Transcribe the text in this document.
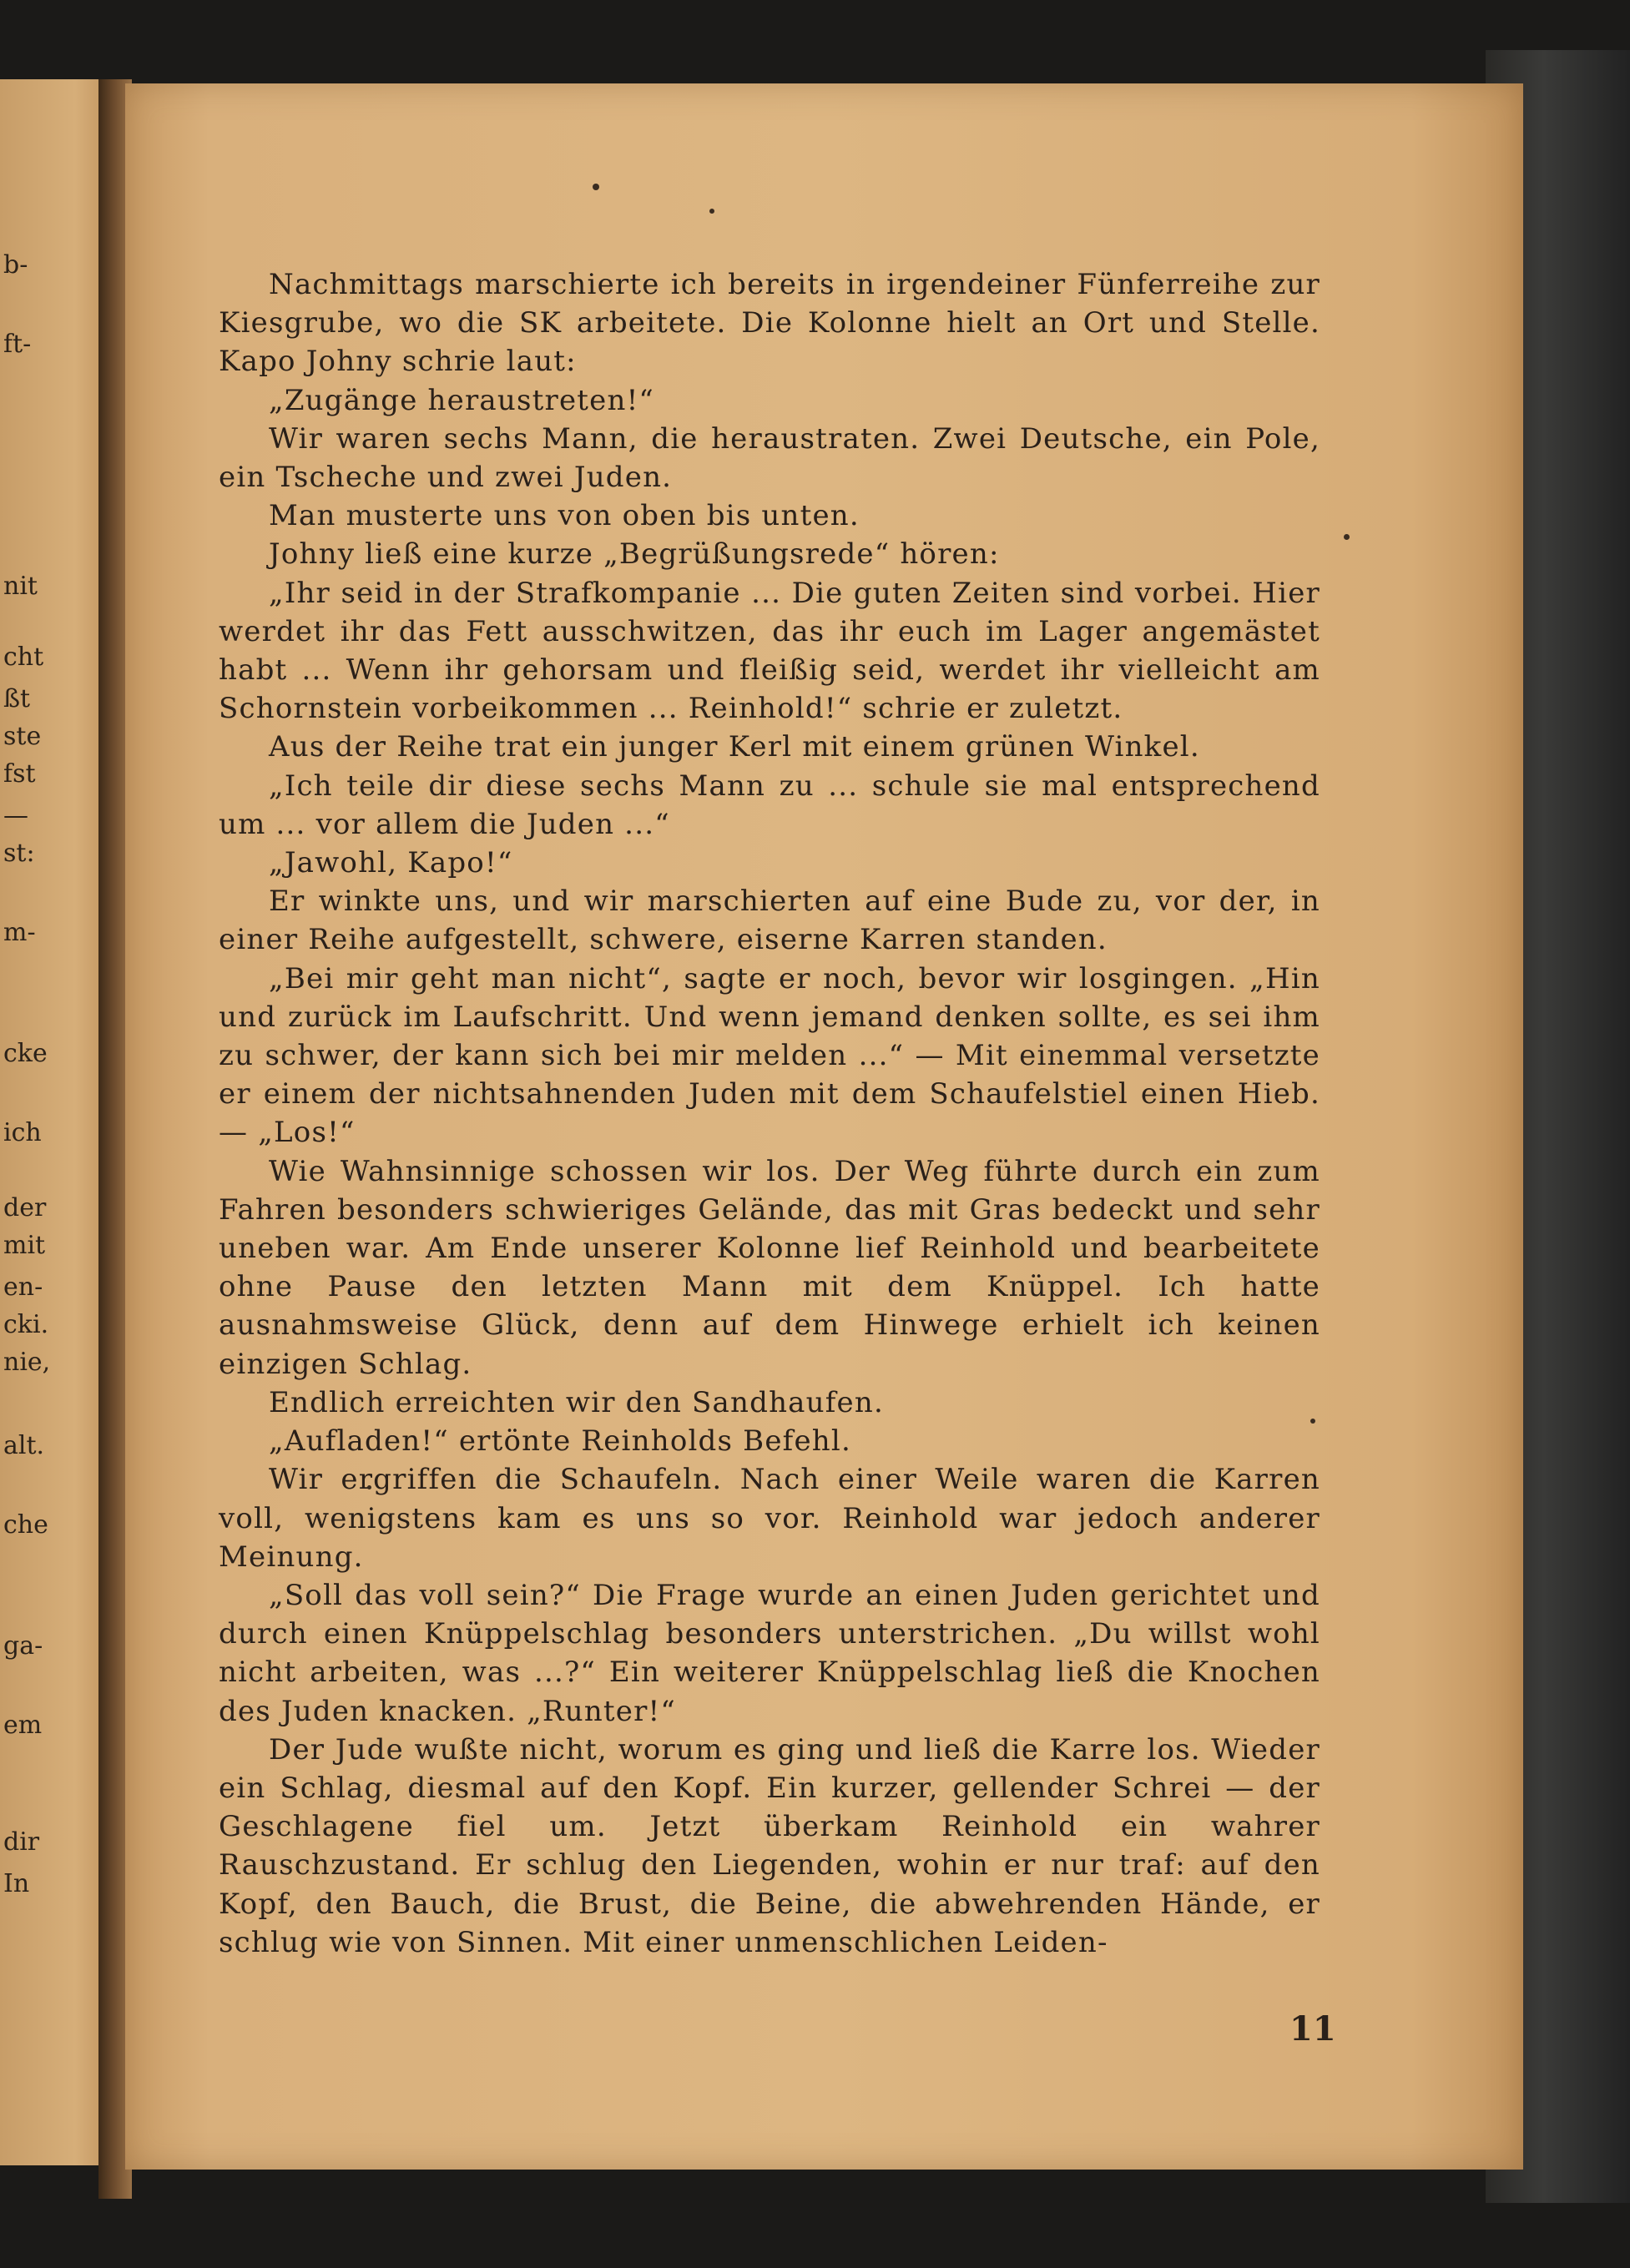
b-
ft-
nit
cht
ßt
ste
fst
—
st:
m-
cke
ich
der
mit
en-
cki.
nie,
alt.
che
ga-
em
dir
In

Nachmittags marschierte ich bereits in irgendeiner Fünferreihe zur Kiesgrube, wo die SK arbeitete. Die Kolonne hielt an Ort und Stelle. Kapo Johny schrie laut:

„Zugänge heraustreten!“

Wir waren sechs Mann, die heraustraten. Zwei Deutsche, ein Pole, ein Tscheche und zwei Juden.

Man musterte uns von oben bis unten.

Johny ließ eine kurze „Begrüßungsrede“ hören:

„Ihr seid in der Strafkompanie ... Die guten Zeiten sind vorbei. Hier werdet ihr das Fett ausschwitzen, das ihr euch im Lager angemästet habt ... Wenn ihr gehorsam und fleißig seid, werdet ihr vielleicht am Schornstein vorbeikommen ... Reinhold!“ schrie er zuletzt.

Aus der Reihe trat ein junger Kerl mit einem grünen Winkel.

„Ich teile dir diese sechs Mann zu ... schule sie mal entsprechend um ... vor allem die Juden ...“

„Jawohl, Kapo!“

Er winkte uns, und wir marschierten auf eine Bude zu, vor der, in einer Reihe aufgestellt, schwere, eiserne Karren standen.

„Bei mir geht man nicht“, sagte er noch, bevor wir losgingen. „Hin und zurück im Laufschritt. Und wenn jemand denken sollte, es sei ihm zu schwer, der kann sich bei mir melden ...“ — Mit einemmal versetzte er einem der nichtsahnenden Juden mit dem Schaufelstiel einen Hieb. — „Los!“

Wie Wahnsinnige schossen wir los. Der Weg führte durch ein zum Fahren besonders schwieriges Gelände, das mit Gras bedeckt und sehr uneben war. Am Ende unserer Kolonne lief Reinhold und bearbeitete ohne Pause den letzten Mann mit dem Knüppel. Ich hatte ausnahmsweise Glück, denn auf dem Hinwege erhielt ich keinen einzigen Schlag.

Endlich erreichten wir den Sandhaufen.

„Aufladen!“ ertönte Reinholds Befehl.

Wir ergriffen die Schaufeln. Nach einer Weile waren die Karren voll, wenigstens kam es uns so vor. Reinhold war jedoch anderer Meinung.

„Soll das voll sein?“ Die Frage wurde an einen Juden gerichtet und durch einen Knüppelschlag besonders unterstrichen. „Du willst wohl nicht arbeiten, was ...?“ Ein weiterer Knüppelschlag ließ die Knochen des Juden knacken. „Runter!“

Der Jude wußte nicht, worum es ging und ließ die Karre los. Wieder ein Schlag, diesmal auf den Kopf. Ein kurzer, gellender Schrei — der Geschlagene fiel um. Jetzt überkam Reinhold ein wahrer Rauschzustand. Er schlug den Liegenden, wohin er nur traf: auf den Kopf, den Bauch, die Brust, die Beine, die abwehrenden Hände, er schlug wie von Sinnen. Mit einer unmenschlichen Leiden-

11
